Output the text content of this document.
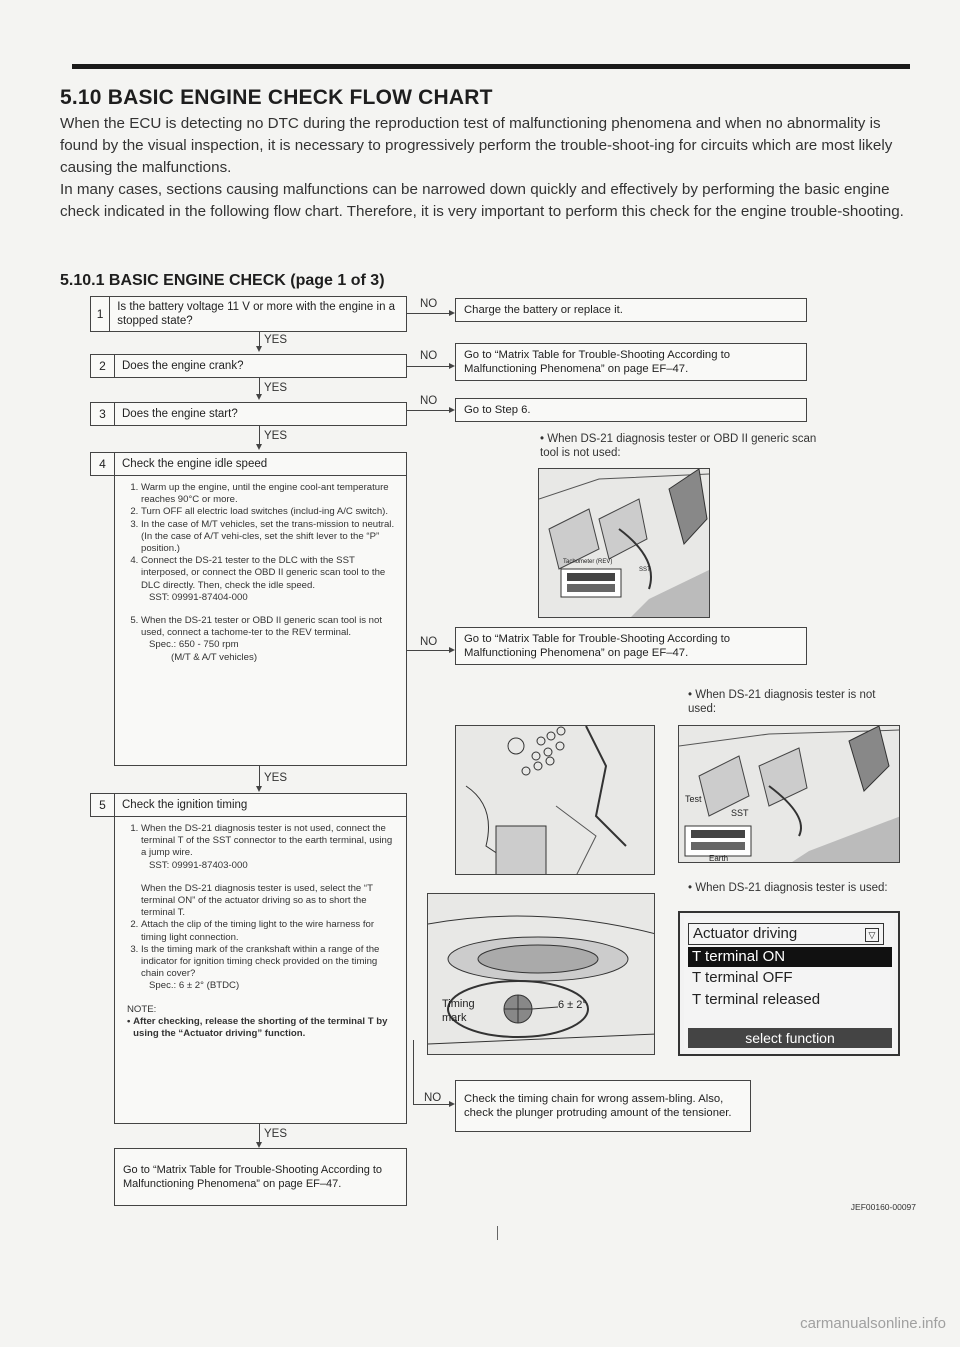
5.10 BASIC ENGINE CHECK FLOW CHART

When the ECU is detecting no DTC during the reproduction test of malfunctioning phenomena and when no abnormality is found by the visual inspection, it is necessary to progressively perform the trouble-shoot-ing for circuits which are most likely causing the malfunctions.

In many cases, sections causing malfunctions can be narrowed down quickly and effectively by performing the basic engine check indicated in the following flow chart. Therefore, it is very important to perform this check for the engine trouble-shooting.

5.10.1 BASIC ENGINE CHECK (page 1 of 3)
1	Is the battery voltage 11 V or more with the engine in a stopped state?
NO	Charge the battery or replace it.
YES
2	Does the engine crank?
NO	Go to “Matrix Table for Trouble-Shooting According to Malfunctioning Phenomena” on page EF–47.
YES
3	Does the engine start?
NO
Go to Step 6.
YES
4	Check the engine idle speed
1. Warm up the engine, until the engine cool-ant temperature reaches 90°C or more.
2. Turn OFF all electric load switches (includ-ing A/C switch).
3. In the case of M/T vehicles, set the trans-mission to neutral. (In the case of A/T vehi-cles, set the shift lever to the “P” position.)
4. Connect the DS-21 tester to the DLC with the SST interposed, or connect the OBD II generic scan tool to the DLC directly. Then, check the idle speed.
SST: 09991-87404-000
5. When the DS-21 tester or OBD II generic scan tool is not used, connect a tachome-ter to the REV terminal.
Spec.: 650 - 750 rpm
(M/T & A/T vehicles)
NO	Go to “Matrix Table for Trouble-Shooting According to Malfunctioning Phenomena” on page EF–47.
YES
5	Check the ignition timing
1. When the DS-21 diagnosis tester is not used, connect the terminal T of the SST connector to the earth terminal, using a jump wire.
SST: 09991-87403-000
When the DS-21 diagnosis tester is used, select the “T terminal ON” of the actuator driving so as to short the terminal T.
2. Attach the clip of the timing light to the wire harness for timing light connection.
3. Is the timing mark of the crankshaft within a range of the indicator for ignition timing check provided on the timing chain cover?
Spec.: 6 ± 2° (BTDC)
NOTE:
• After checking, release the shorting of the terminal T by using the “Actuator driving” function.
NO	Check the timing chain for wrong assem-bling. Also, check the plunger protruding amount of the tensioner.
YES
Go to “Matrix Table for Trouble-Shooting According to Malfunctioning Phenomena” on page EF–47.
• When DS-21 diagnosis tester or OBD II generic scan tool is not used:
Tachometer (REV)
SST
• When DS-21 diagnosis tester is not used:
Test
SST
Earth
Timing
mark
6 ± 2°
• When DS-21 diagnosis tester is used:
Actuator driving	▽
T terminal ON
T terminal OFF
T terminal released
select function
JEF00160-00097
carmanualsonline.info
